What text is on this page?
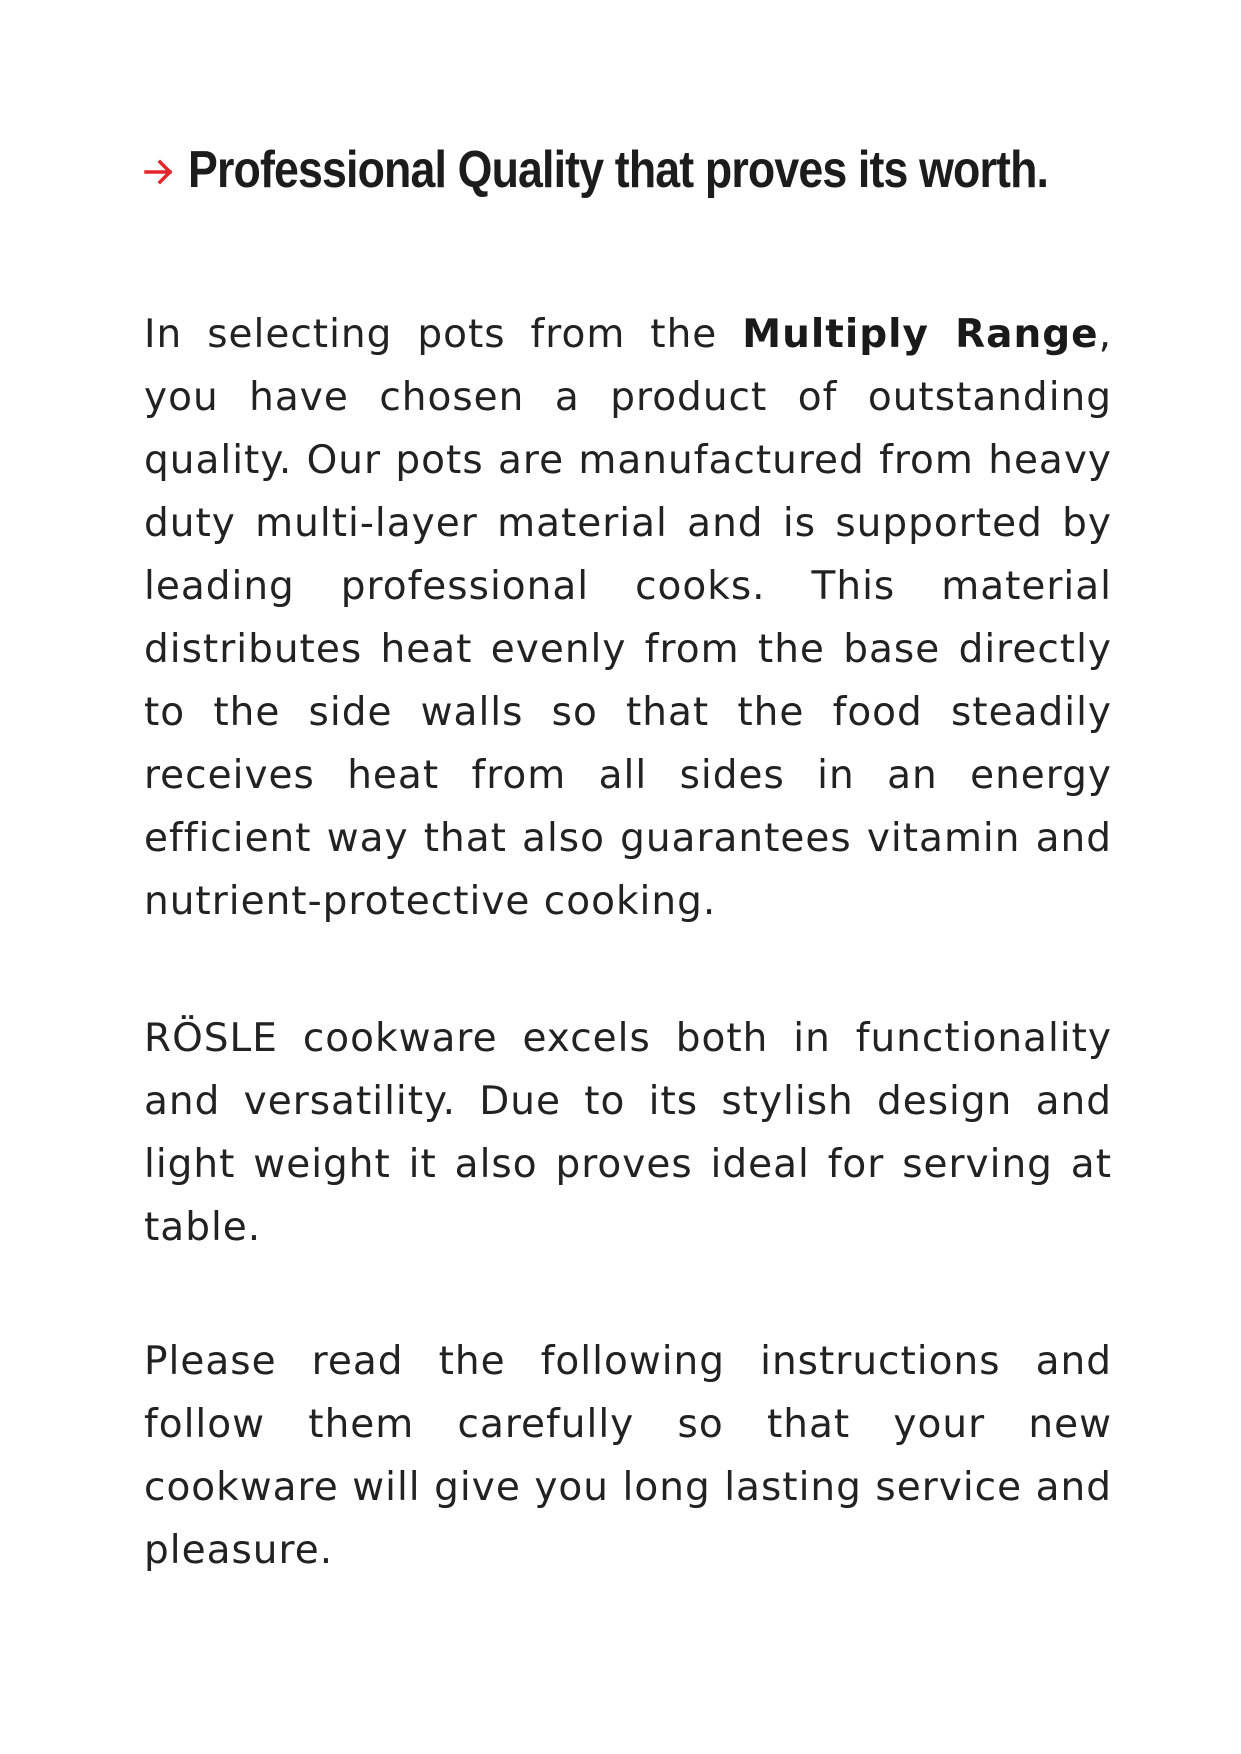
Professional Quality that proves its worth.

In selecting pots from the Multiply Range, you have chosen a product of outstanding quality. Our pots are manufactured from heavy duty multi-layer material and is supported by leading professional cooks. This material distributes heat evenly from the base directly to the side walls so that the food steadily receives heat from all sides in an energy efficient way that also guarantees vitamin and nutrient-protective cooking.

RÖSLE cookware excels both in functionality and versatility. Due to its stylish design and light weight it also proves ideal for serving at table.

Please read the following instructions and follow them carefully so that your new cookware will give you long lasting service and pleasure.
